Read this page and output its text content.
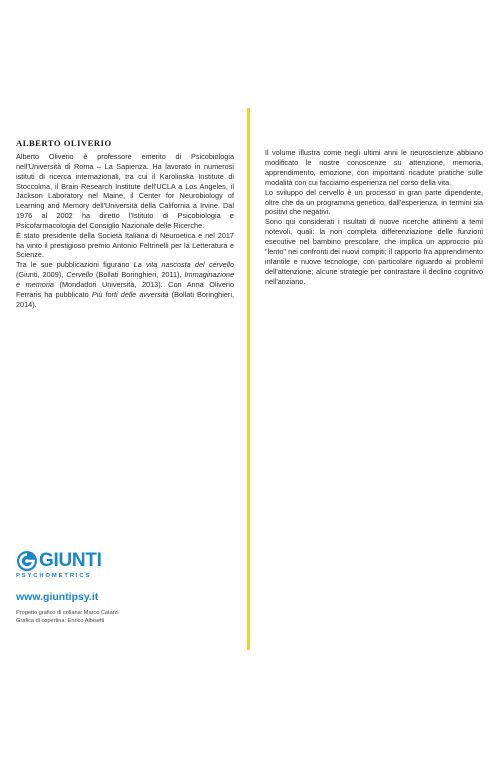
ALBERTO OLIVERIO

Alberto Oliverio è professore emerito di Psicobiologia nell'Università di Roma – La Sapienza. Ha lavorato in numerosi istituti di ricerca internazionali, tra cui il Karolinska Institute di Stoccolma, il Brain Research Institute dell'UCLA a Los Angeles, il Jackson Laboratory nel Maine, il Center for Neurobiology of Learning and Memory dell'Università della California a Irvine. Dal 1976 al 2002 ha diretto l'Istituto di Psicobiologia e Psicofarmacologia del Consiglio Nazionale delle Ricerche.

È stato presidente della Società Italiana di Neuroetica e nel 2017 ha vinto il prestigioso premio Antonio Feltrinelli per la Letteratura e Scienze.

Tra le sue pubblicazioni figurano La vita nascosta del cervello (Giunti, 2009), Cervello (Bollati Boringhieri, 2011), Immaginazione e memoria (Mondadori Università, 2013). Con Anna Oliverio Ferraris ha pubblicato Più forti delle avversità (Bollati Boringhieri, 2014).

Il volume illustra come negli ultimi anni le neuroscienze abbiano modificato le nostre conoscenze su attenzione, memoria, apprendimento, emozione, con importanti ricadute pratiche sulle modalità con cui facciamo esperienza nel corso della vita.

Lo sviluppo del cervello è un processo in gran parte dipendente, oltre che da un programma genetico, dall'esperienza, in termini sia positivi che negativi.

Sono qui considerati i risultati di nuove ricerche attinenti a temi notevoli, quali: la non completa differenziazione delle funzioni esecutive nel bambino prescolare, che implica un approccio più "lento" nei confronti dei nuovi compiti; il rapporto fra apprendimento infantile e nuove tecnologie, con particolare riguardo ai problemi dell'attenzione; alcune strategie per contrastare il declino cognitivo nell'anziano.

GIUNTI
PSYCHOMETRICS
www.giuntipsy.it
Progetto grafico di collana: Marco Catarzi
Grafica di copertina: Enrico Albisetti
